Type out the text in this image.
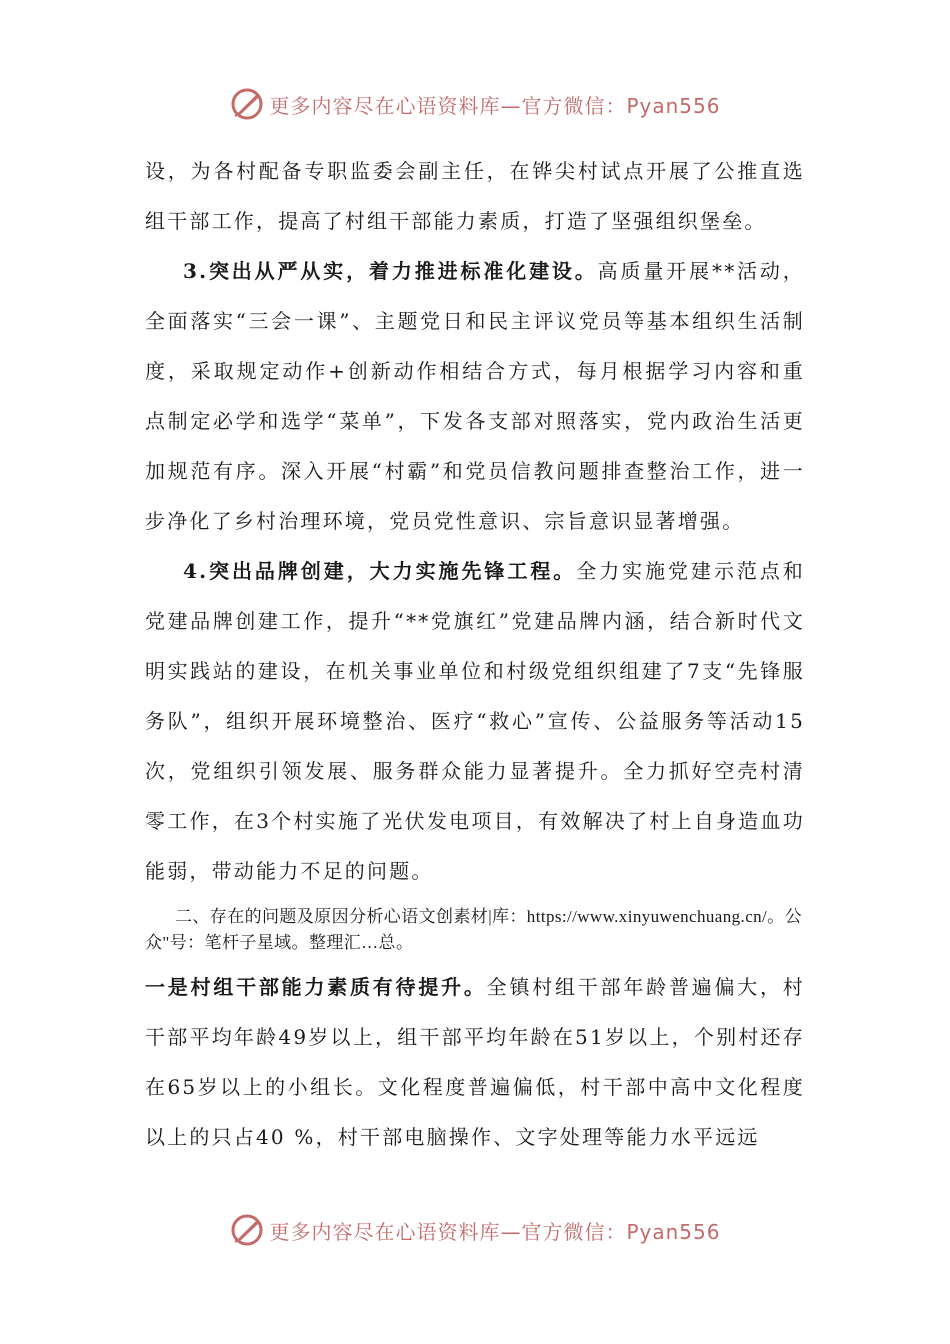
更多内容尽在心语资料库—官方微信：Pyan556

设，为各村配备专职监委会副主任，在铧尖村试点开展了公推直选组干部工作，提高了村组干部能力素质，打造了坚强组织堡垒。

3.突出从严从实，着力推进标准化建设。高质量开展**活动，全面落实“三会一课”、主题党日和民主评议党员等基本组织生活制度，采取规定动作+创新动作相结合方式，每月根据学习内容和重点制定必学和选学“菜单”，下发各支部对照落实，党内政治生活更加规范有序。深入开展“村霸”和党员信教问题排查整治工作，进一步净化了乡村治理环境，党员党性意识、宗旨意识显著增强。

4.突出品牌创建，大力实施先锋工程。全力实施党建示范点和党建品牌创建工作，提升“**党旗红”党建品牌内涵，结合新时代文明实践站的建设，在机关事业单位和村级党组织组建了7支“先锋服务队”，组织开展环境整治、医疗“救心”宣传、公益服务等活动15次，党组织引领发展、服务群众能力显著提升。全力抓好空壳村清零工作，在3个村实施了光伏发电项目，有效解决了村上自身造血功能弱，带动能力不足的问题。

二、存在的问题及原因分析心语文创素材|库：https://www.xinyuwenchuang.cn/。公众"号：笔杆子星域。整理汇…总。

一是村组干部能力素质有待提升。全镇村组干部年龄普遍偏大，村干部平均年龄49岁以上，组干部平均年龄在51岁以上，个别村还存在65岁以上的小组长。文化程度普遍偏低，村干部中高中文化程度以上的只占40 %，村干部电脑操作、文字处理等能力水平远远

更多内容尽在心语资料库—官方微信：Pyan556
